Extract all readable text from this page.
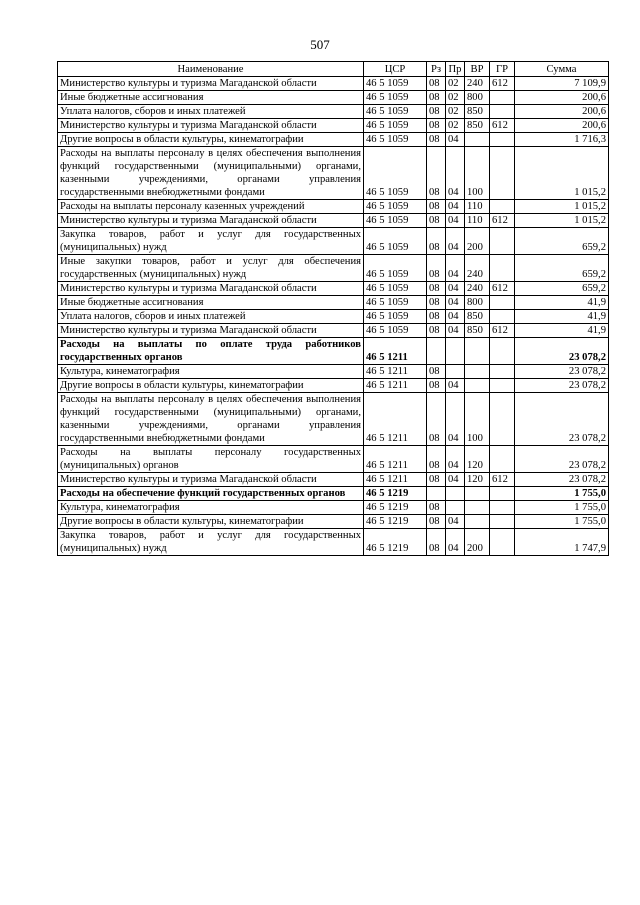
507
Наименование	ЦСР	Рз	Пр	ВР	ГР	Сумма
Министерство культуры и туризма Магаданской области	46 5 1059	08	02	240	612	7 109,9
Иные бюджетные ассигнования	46 5 1059	08	02	800		200,6
Уплата налогов, сборов и иных платежей	46 5 1059	08	02	850		200,6
Министерство культуры и туризма Магаданской области	46 5 1059	08	02	850	612	200,6
Другие вопросы в области культуры, кинематографии	46 5 1059	08	04			1 716,3
Расходы на выплаты персоналу в целях обеспечения выполнения функций государственными (муниципальными) органами, казенными учреждениями, органами управления государственными внебюджетными фондами	46 5 1059	08	04	100		1 015,2
Расходы на выплаты персоналу казенных учреждений	46 5 1059	08	04	110		1 015,2
Министерство культуры и туризма Магаданской области	46 5 1059	08	04	110	612	1 015,2
Закупка товаров, работ и услуг для государственных (муниципальных) нужд	46 5 1059	08	04	200		659,2
Иные закупки товаров, работ и услуг для обеспечения государственных (муниципальных) нужд	46 5 1059	08	04	240		659,2
Министерство культуры и туризма Магаданской области	46 5 1059	08	04	240	612	659,2
Иные бюджетные ассигнования	46 5 1059	08	04	800		41,9
Уплата налогов, сборов и иных платежей	46 5 1059	08	04	850		41,9
Министерство культуры и туризма Магаданской области	46 5 1059	08	04	850	612	41,9
Расходы на выплаты по оплате труда работников государственных органов	46 5 1211					23 078,2
Культура, кинематография	46 5 1211	08				23 078,2
Другие вопросы в области культуры, кинематографии	46 5 1211	08	04			23 078,2
Расходы на выплаты персоналу в целях обеспечения выполнения функций государственными (муниципальными) органами, казенными учреждениями, органами управления государственными внебюджетными фондами	46 5 1211	08	04	100		23 078,2
Расходы на выплаты персоналу государственных (муниципальных) органов	46 5 1211	08	04	120		23 078,2
Министерство культуры и туризма Магаданской области	46 5 1211	08	04	120	612	23 078,2
Расходы на обеспечение функций государственных органов	46 5 1219					1 755,0
Культура, кинематография	46 5 1219	08				1 755,0
Другие вопросы в области культуры, кинематографии	46 5 1219	08	04			1 755,0
Закупка товаров, работ и услуг для государственных (муниципальных) нужд	46 5 1219	08	04	200		1 747,9
